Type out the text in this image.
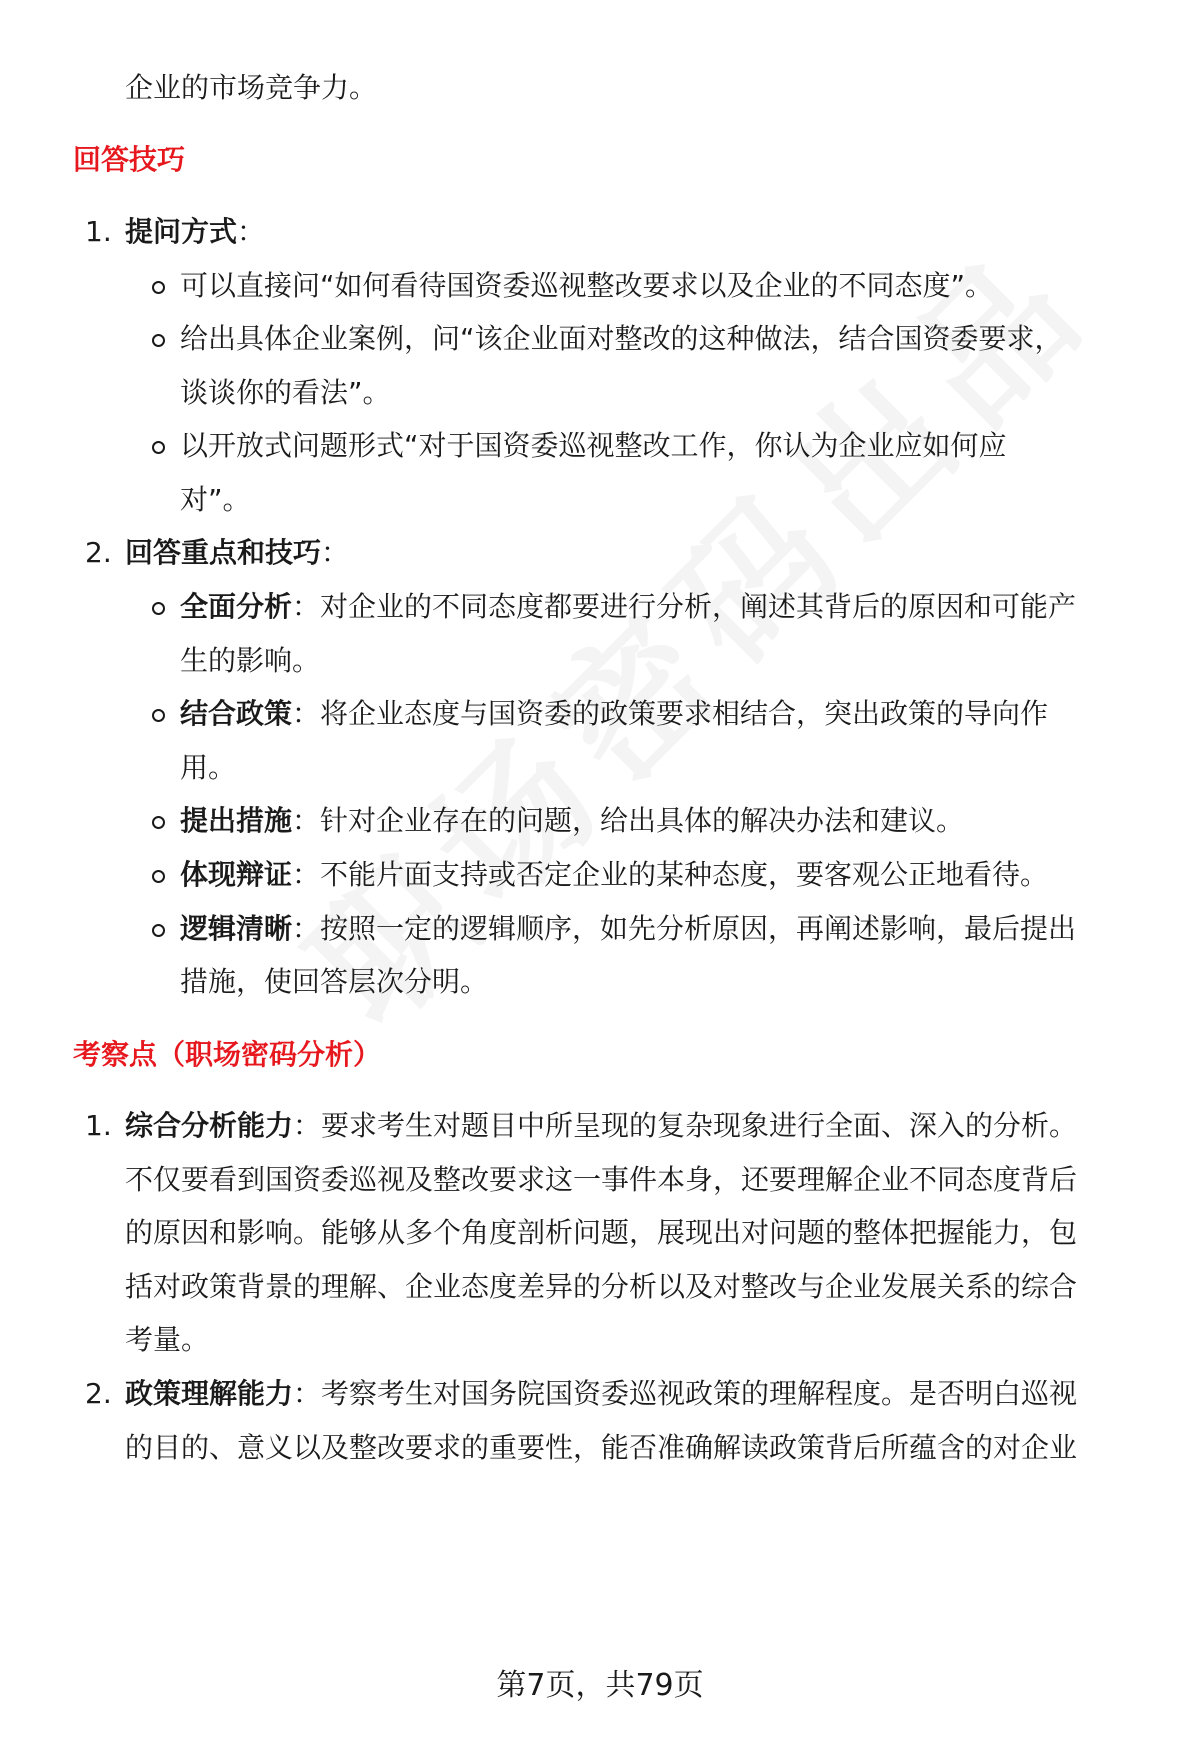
企业的市场竞争力。
回答技巧
1. 提问方式：
可以直接问“如何看待国资委巡视整改要求以及企业的不同态度”。
给出具体企业案例，问“该企业面对整改的这种做法，结合国资委要求，
谈谈你的看法”。
以开放式问题形式“对于国资委巡视整改工作，你认为企业应如何应
对”。
2. 回答重点和技巧：
全面分析：对企业的不同态度都要进行分析，阐述其背后的原因和可能产
生的影响。
结合政策：将企业态度与国资委的政策要求相结合，突出政策的导向作
用。
提出措施：针对企业存在的问题，给出具体的解决办法和建议。
体现辩证：不能片面支持或否定企业的某种态度，要客观公正地看待。
逻辑清晰：按照一定的逻辑顺序，如先分析原因，再阐述影响，最后提出
措施，使回答层次分明。
考察点（职场密码分析）
1. 综合分析能力：要求考生对题目中所呈现的复杂现象进行全面、深入的分析。
不仅要看到国资委巡视及整改要求这一事件本身，还要理解企业不同态度背后
的原因和影响。能够从多个角度剖析问题，展现出对问题的整体把握能力，包
括对政策背景的理解、企业态度差异的分析以及对整改与企业发展关系的综合
考量。
2. 政策理解能力：考察考生对国务院国资委巡视政策的理解程度。是否明白巡视
的目的、意义以及整改要求的重要性，能否准确解读政策背后所蕴含的对企业
第7页，共79页
